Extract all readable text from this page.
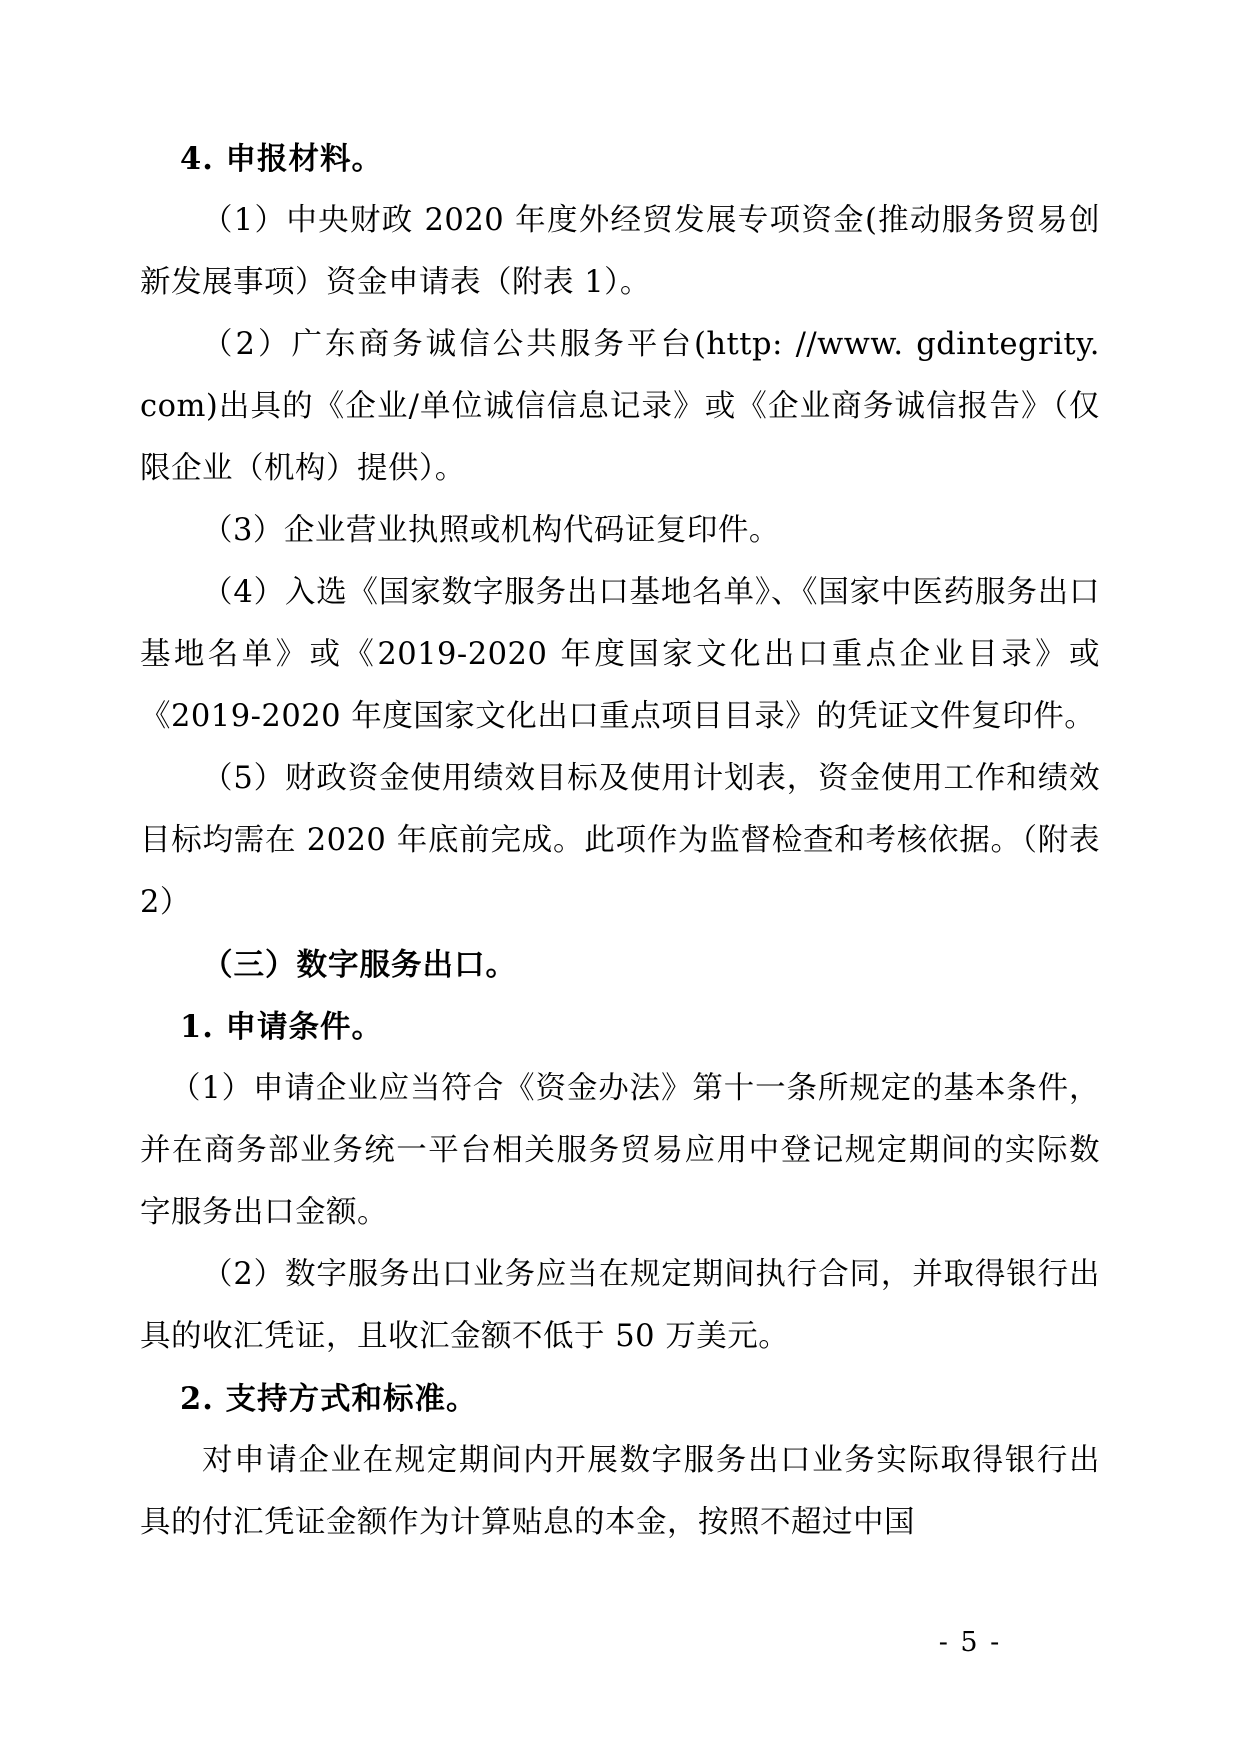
4. 申报材料。

（1）中央财政 2020 年度外经贸发展专项资金(推动服务贸易创新发展事项）资金申请表（附表 1）。

（2）广东商务诚信公共服务平台(http: //www. gdintegrity. com)出具的《企业/单位诚信信息记录》或《企业商务诚信报告》（仅限企业（机构）提供）。

（3）企业营业执照或机构代码证复印件。

（4）入选《国家数字服务出口基地名单》、《国家中医药服务出口基地名单》或《2019-2020 年度国家文化出口重点企业目录》或《2019-2020 年度国家文化出口重点项目目录》的凭证文件复印件。

（5）财政资金使用绩效目标及使用计划表，资金使用工作和绩效目标均需在 2020 年底前完成。此项作为监督检查和考核依据。（附表 2）

（三）数字服务出口。

1. 申请条件。

（1）申请企业应当符合《资金办法》第十一条所规定的基本条件，并在商务部业务统一平台相关服务贸易应用中登记规定期间的实际数字服务出口金额。

（2）数字服务出口业务应当在规定期间执行合同，并取得银行出具的收汇凭证，且收汇金额不低于 50 万美元。

2. 支持方式和标准。

对申请企业在规定期间内开展数字服务出口业务实际取得银行出具的付汇凭证金额作为计算贴息的本金，按照不超过中国

- 5 -
